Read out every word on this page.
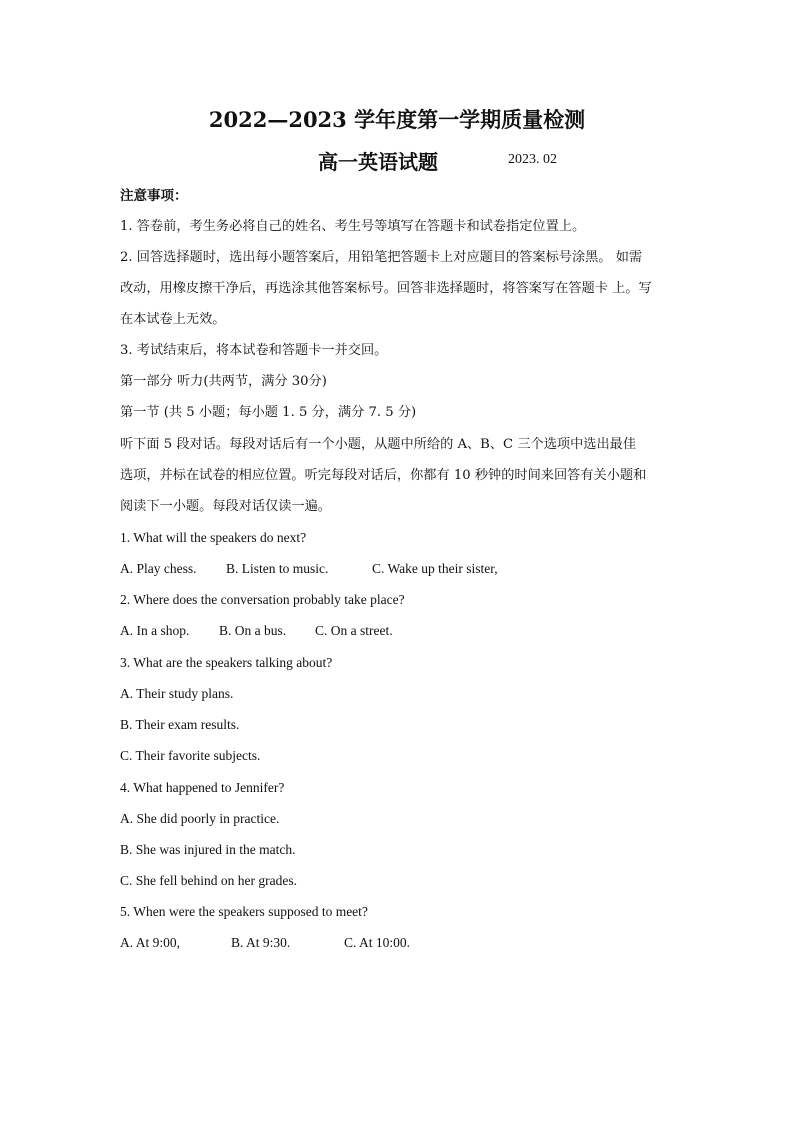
2022—2023 学年度第一学期质量检测
高一英语试题	2023. 02
注意事项：
1. 答卷前，考生务必将自己的姓名、考生号等填写在答题卡和试卷指定位置上。
2. 回答选择题时，选出每小题答案后，用铅笔把答题卡上对应题目的答案标号涂黑。 如需
改动，用橡皮擦干净后，再选涂其他答案标号。回答非选择题时，将答案写在答题卡 上。写
在本试卷上无效。
3. 考试结束后，将本试卷和答题卡一并交回。
第一部分 听力(共两节，满分 30分)
第一节 (共 5 小题；每小题 1. 5 分，满分 7. 5 分)
听下面 5 段对话。每段对话后有一个小题，从题中所给的 A、B、C 三个选项中选出最佳
选项，并标在试卷的相应位置。听完每段对话后，你都有 10 秒钟的时间来回答有关小题和
阅读下一小题。每段对话仅读一遍。
1. What will the speakers do next?
A. Play chess. B. Listen to music.	C. Wake up their sister,
2. Where does the conversation probably take place?
A. In a shop. B. On a bus. C. On a street.
3. What are the speakers talking about?
A. Their study plans.
B. Their exam results.
C. Their favorite subjects.
4. What happened to Jennifer?
A. She did poorly in practice.
B. She was injured in the match.
C. She fell behind on her grades.
5. When were the speakers supposed to meet?
A. At 9:00,	B. At 9:30.	C. At 10:00.
